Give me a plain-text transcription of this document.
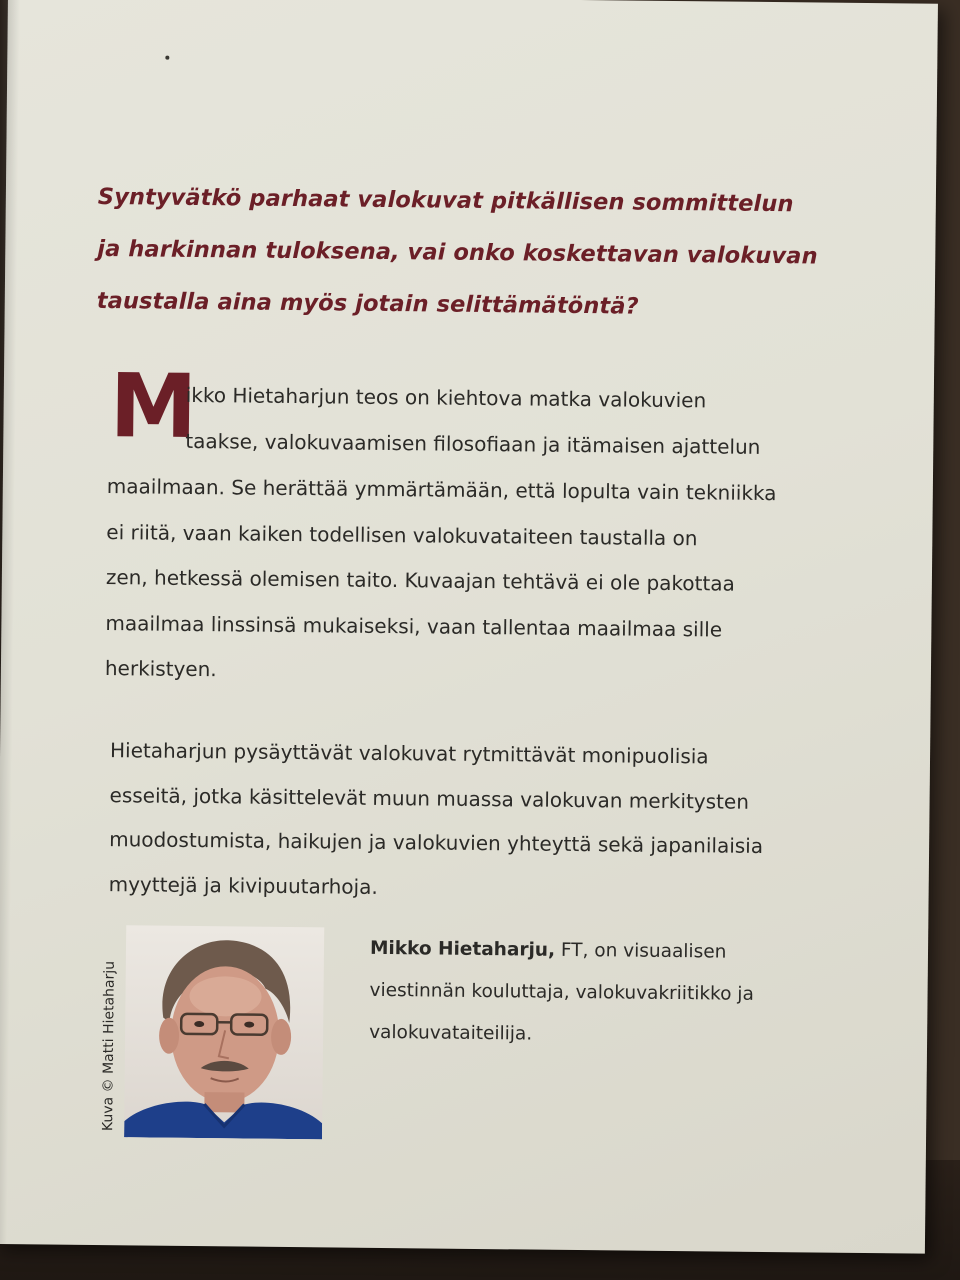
Syntyvätkö parhaat valokuvat pitkällisen sommittelun
ja harkinnan tuloksena, vai onko koskettavan valokuvan
taustalla aina myös jotain selittämätöntä?
M
ikko Hietaharjun teos on kiehtova matka valokuvien
taakse, valokuvaamisen filosofiaan ja itämaisen ajattelun
maailmaan. Se herättää ymmärtämään, että lopulta vain tekniikka
ei riitä, vaan kaiken todellisen valokuvataiteen taustalla on
zen, hetkessä olemisen taito. Kuvaajan tehtävä ei ole pakottaa
maailmaa linssinsä mukaiseksi, vaan tallentaa maailmaa sille
herkistyen.
Hietaharjun pysäyttävät valokuvat rytmittävät monipuolisia
esseitä, jotka käsittelevät muun muassa valokuvan merkitysten
muodostumista, haikujen ja valokuvien yhteyttä sekä japanilaisia
myyttejä ja kivipuutarhoja.
Kuva © Matti Hietaharju
Mikko Hietaharju, FT, on visuaalisen
viestinnän kouluttaja, valokuvakriitikko ja
valokuvataiteilija.
